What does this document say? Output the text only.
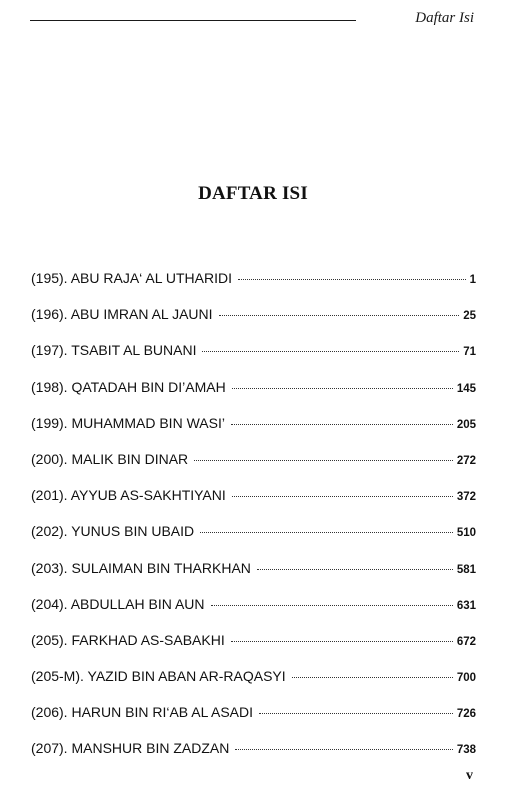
Daftar Isi
DAFTAR ISI
(195). ABU RAJA‘ AL UTHARIDI	1
(196). ABU IMRAN AL JAUNI	25
(197). TSABIT AL BUNANI	71
(198). QATADAH BIN DI’AMAH	145
(199). MUHAMMAD BIN WASI’	205
(200). MALIK BIN DINAR	272
(201). AYYUB AS-SAKHTIYANI	372
(202). YUNUS BIN UBAID	510
(203). SULAIMAN BIN THARKHAN	581
(204). ABDULLAH BIN AUN	631
(205). FARKHAD AS-SABAKHI	672
(205-M). YAZID BIN ABAN AR-RAQASYI	700
(206). HARUN BIN RI‘AB AL ASADI	726
(207). MANSHUR BIN ZADZAN	738
v
